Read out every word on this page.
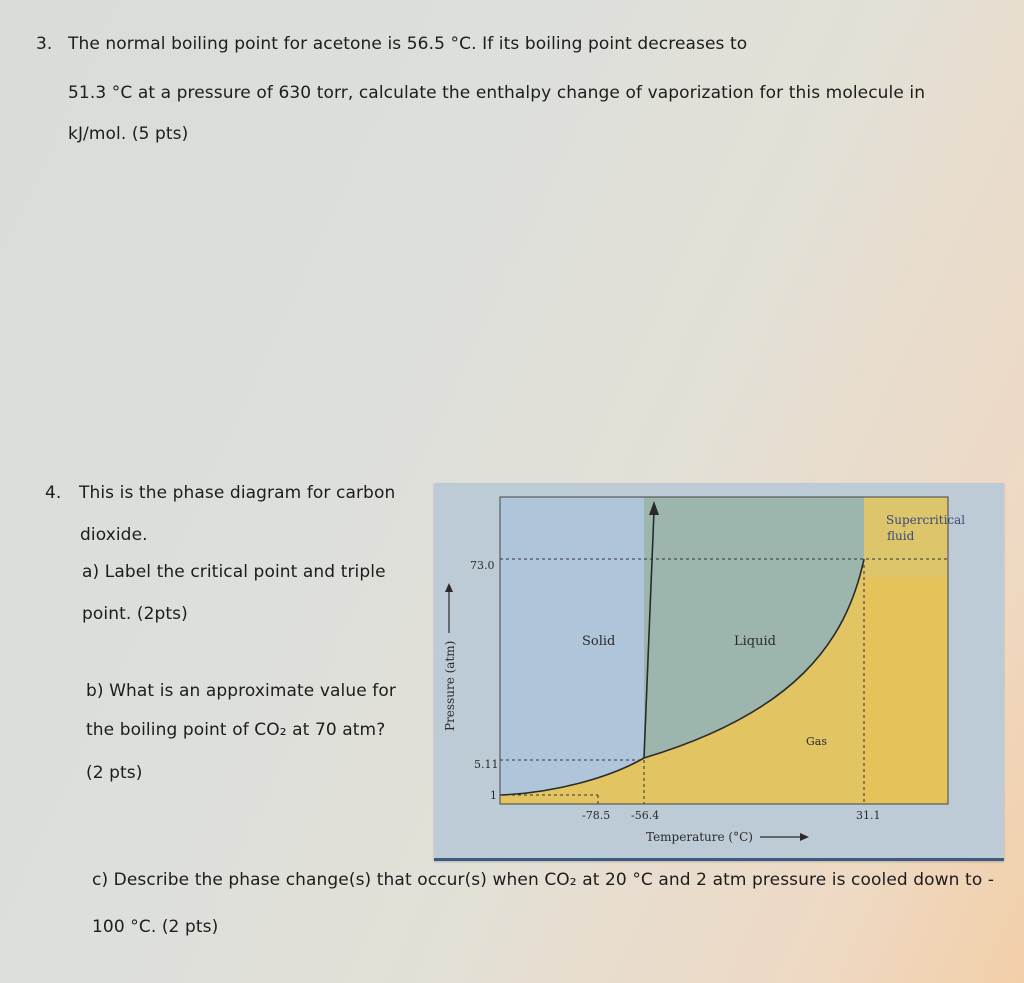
3. The normal boiling point for acetone is 56.5 °C. If its boiling point decreases to
51.3 °C at a pressure of 630 torr, calculate the enthalpy change of vaporization for this molecule in
kJ/mol. (5 pts)
4. This is the phase diagram for carbon
dioxide.
a) Label the critical point and triple
point. (2pts)
b) What is an approximate value for
the boiling point of CO₂ at 70 atm?
(2 pts)
c) Describe the phase change(s) that occur(s) when CO₂ at 20 °C and 2 atm pressure is cooled down to -
100 °C. (2 pts)
Solid	Liquid
Gas
Supercritical
fluid
73.0
5.11
1
-78.5 -56.4	31.1
Pressure (atm)
Temperature (°C)
